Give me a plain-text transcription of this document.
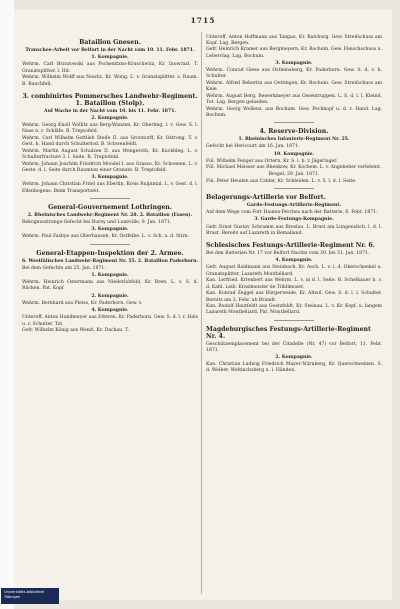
1715
Bataillon Gnesen.
Transchee-Arbeit vor Belfort in der Nacht vom 10. 11. Febr. 1871.
1. Kompagnie.
Wehrm. Carl Brzozowski aus Pschenitzno-Kruschwitz, Kr. Inowrazl. T. Granatsplitter. l. Hd.
Wehrm. Wilhelm Wolff aus Nawlic, Kr. Wong. L. v. Granatsplitter. s. Raum. B. Bauchfell.
3. combinirtes Pommersches Landwehr-Regiment. 1. Bataillon (Stolp).
Auf Wache in der Nacht vom 10. bis 11. Febr. 1871.
2. Kompagnie.
Wehrm. Georg Knoll Wollitz aus Berg-Wanzen, Kr. Oberlmg. l. v. Gew. S. l. Nase n. r. Schläfe. B. Treptofeld.
Wehrm. Carl Wilhelm Gottlieb Steife II. aus Grotstorff, Kr. Ostrong. T. v. Gest. b. Hand durch Schultertod. B. Schwenfeldt.
Wehrm. Martin August Schulzen II. aus Wengeroth, Kr. Kuckbleg. L. v. Schulterfracture 3. l. Seite. B. Treptofeld.
Wehrm. Johann Joachim Friedrich Moodel I. aus Grasso, Kr. Schoenen. L. v. Geste. d. l. Seite durch Raumton einer Granate. B. Treptofeld.
3. Kompagnie.
Wehrm. Johann Christian Fritel aus Eberlin, Kreis Rulpintal. L. v. Gest. d. l. Ellenbogens. Beim Transportzeit.
General-Gouvernement Lothringen.
2. Rheinisches Landwehr-Regiment Nr. 28. 2. Bataillon (Essen).
Rekognoszirungs-Gefecht bei Burey und Lunéville, 9. Jan. 1871.
3. Kompagnie.
Wehrm. Paul Fasbye aus Oberhausen, Kr. Ostfelbe. L. v. Sch. a. d. Stirn.
General-Etappen-Inspektion der 2. Armee.
6. Westfälisches Landwehr-Regiment Nr. 55. 2. Bataillon Paderborn.
Bei dem Gefechte am 25. Jan. 1871.
1. Kompagnie.
Wehrm. Heinrich Ostermann aus Niederlohfeld, Kr. Bren. L. v. S. d. Rücken. Pat. Kopf.
2. Kompagnie.
Wehrm. Bernhard aus Pleiss, Kr. Paderborn. Gew. v.
4. Kompagnie.
Unteroff. Anton Hundmeyer aus Etteren, Kr. Paderborn. Gew. S. d. l. r. Hals u. r. Schulter. Tot.
Gefr. Wilhelm König aus Wenzl, Kr. Dachau. T.
Unteroff. Anton Hoffmann aus Tangau, Kr. Balcburg. Gew. Streifschuss am Kopf. Lag. Bergen.
Gefr. Heinrich Kramer aus Bergmeyern, Kr. Bochum. Gew. Fleischschuss u. Lebervlag. Lag. Bochum.
3. Kompagnie.
Wehrm. Conrad Giese aus Ostleinsberg, Kr. Paderborn. Gew. S. d. v. h. Schulter.
Wehrm. Alfred Bebertin aus Oettingen, Kr. Bochum. Gew. Streifschuss am Knie.
Wehrm. August Berg. Bewerkmeyer aus Ossentruppen. L. S. d. l. l. Kleind. Tot. Lag. Bergen gelasden.
Wehrm. Georg Wollenz. aus Bochum. Gew. Pechkopf u. d. r. Hand. Lag. Bochum.
4. Reserve-Division.
1. Rheinisches Infanterie-Regiment Nr. 25.
Gefecht bei Hericourt am 16. Jan. 1871.
10. Kompagnie.
Fül. Wilhelm Fenger aus Ortern, Kr. S. l. b. r. Jägerlager.
Fül. Michael Meisser aus Rhenkow, Kr. Kochem. L. v. Angelieber verlebent.
Bregel, 29. Jan. 1871.
Fül. Peter Heuden aus Cahler, Kr. Schleiden. L. v. S. l. d. l. Seite.
Belagerungs-Artillerie vor Belfort.
Garde-Festungs-Artillerie-Regiment.
Auf dem Wege vom Fort Hautes-Perches nach der Batterie, 6. Febr. 1871.
3. Garde-Festungs-Kompagnie.
Gefr. Ernst Gustav Schramm aus Breslau. L. Brust am Lungenstich. l. d. l. Brust. Bereits auf Lazareth in Bemalland.
Schlesisches Festungs-Artillerie-Regiment Nr. 6.
Bei den Batterien Nr. 17 vor Belfort Nachts vom 30. bis 31. Jan. 1871.
4. Kompagnie.
Gefr. August Baldmann aus Steinbach, Kr. Asch. L. v. i. d. Oberschenkel u. Granatsplitter, Lazareth Montbéliard.
Kan. Lerfried. Krlenbert aus Wehrm. L. v. in d. l. Seite. B. Schelkauer b. v. d. Kahl. Leib. Kraslmeister de Tilldimoser.
Kan. Konrad Zeggel aus Bürgerweide, Kr. Altwil. Gew. S. d. l. l. Schulter. Bereits am 3. Febr. ab Brandt.
Kan. Rudolf Hautfeldt aus Goetzfeldt, Kr. Steinau. L. v. Kr. Kopf. u. langem Lazareth Montbéliard. Pat. Montbéliard.
Magdeburgisches Festungs-Artillerie-Regiment Nr. 4.
Geschützemplacement bei der Citadelle (Nr. 47) vor Belfort, 11. Febr. 1871.
2. Kompagnie.
Kan. Christian Ludwig Friedrich Mayer-Nürnberg, Kr. Querschweinen. S. d. Weiber. Weltinchsberg u. l. Händen.
Universitäts-bibliothek Tübingen
